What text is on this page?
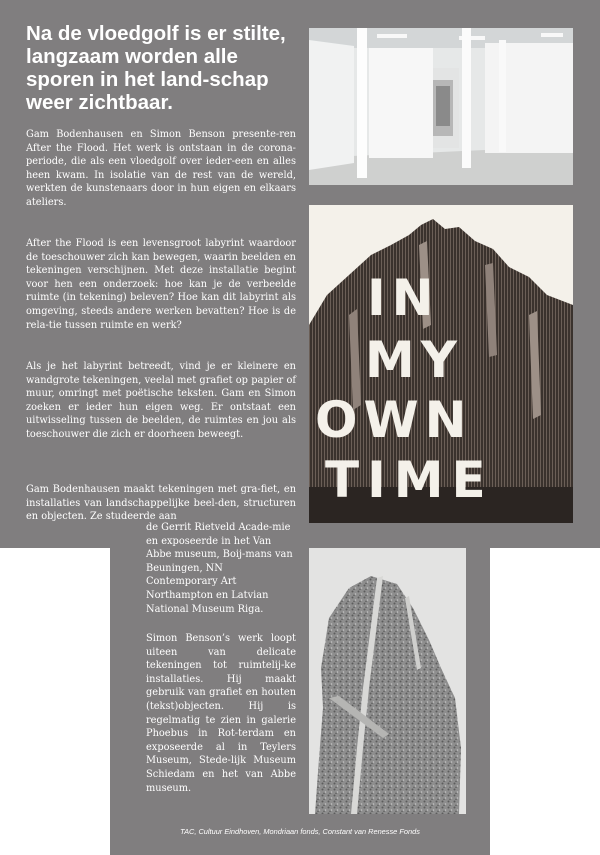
Na de vloedgolf is er stilte, langzaam worden alle sporen in het land-schap weer zichtbaar.

Gam Bodenhausen en Simon Benson presente-ren After the Flood. Het werk is ontstaan in de corona-periode, die als een vloedgolf over ieder-een en alles heen kwam. In isolatie van de rest van de wereld, werkten de kunstenaars door in hun eigen en elkaars ateliers.

After the Flood is een levensgroot labyrint waardoor de toeschouwer zich kan bewegen, waarin beelden en tekeningen verschijnen. Met deze installatie begint voor hen een onderzoek: hoe kan je de verbeelde ruimte (in tekening) beleven? Hoe kan dit labyrint als omgeving, steeds andere werken bevatten? Hoe is de rela-tie tussen ruimte en werk?

Als je het labyrint betreedt, vind je er kleinere en wandgrote tekeningen, veelal met grafiet op papier of muur, omringt met poëtische teksten. Gam en Simon zoeken er ieder hun eigen weg. Er ontstaat een uitwisseling tussen de beelden, de ruimtes en jou als toeschouwer die zich er doorheen beweegt.

Gam Bodenhausen maakt tekeningen met gra-fiet, en installaties van landschappelijke beel-den, structuren en objecten. Ze studeerde aan

de Gerrit Rietveld Acade-mie en exposeerde in het Van Abbe museum, Boij-mans van Beuningen, NN Contemporary Art Northampton en Latvian National Museum Riga.

Simon Benson’s werk loopt uiteen van delicate tekeningen tot ruimtelij-ke installaties. Hij maakt gebruik van grafiet en houten (tekst)objecten. Hij is regelmatig te zien in galerie Phoebus in Rot-terdam en exposeerde al in Teylers Museum, Stede-lijk Museum Schiedam en het van Abbe museum.

IN
MY
OWN
TIME

TAC, Cultuur Eindhoven, Mondriaan fonds, Constant van Renesse Fonds
